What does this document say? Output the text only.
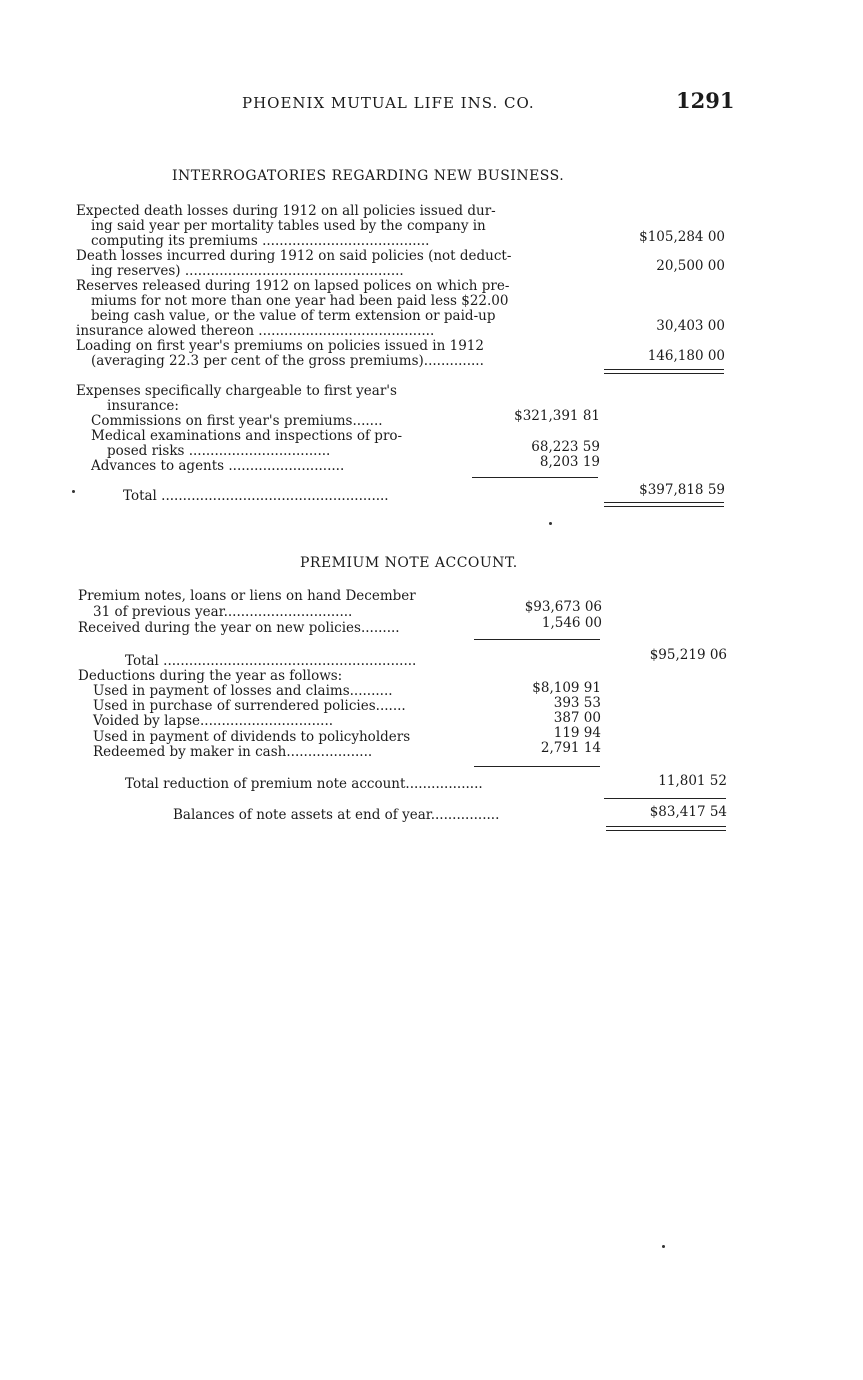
PHOENIX MUTUAL LIFE INS. CO.	1291
INTERROGATORIES REGARDING NEW BUSINESS.
Expected death losses during 1912 on all policies issued dur-
ing said year per mortality tables used by the company in
computing its premiums .......................................	$105,284 00
Death losses incurred during 1912 on said policies (not deduct-
ing reserves) ...................................................	20,500 00
Reserves released during 1912 on lapsed polices on which pre-
miums for not more than one year had been paid less $22.00
being cash value, or the value of term extension or paid-up
insurance alowed thereon .........................................	30,403 00
Loading on first year's premiums on policies issued in 1912
(averaging 22.3 per cent of the gross premiums)..............	146,180 00
Expenses specifically chargeable to first year's
insurance:
Commissions on first year's premiums.......	$321,391 81
Medical examinations and inspections of pro-
posed risks .................................	68,223 59
Advances to agents ...........................	8,203 19
Total .....................................................	$397,818 59
PREMIUM NOTE ACCOUNT.
Premium notes, loans or liens on hand December
31 of previous year..............................	$93,673 06
Received during the year on new policies.........	1,546 00
Total ...........................................................	$95,219 06
Deductions during the year as follows:
Used in payment of losses and claims..........	$8,109 91
Used in purchase of surrendered policies.......	393 53
Voided by lapse...............................	387 00
Used in payment of dividends to policyholders	119 94
Redeemed by maker in cash....................	2,791 14
Total reduction of premium note account..................	11,801 52
Balances of note assets at end of year................	$83,417 54
